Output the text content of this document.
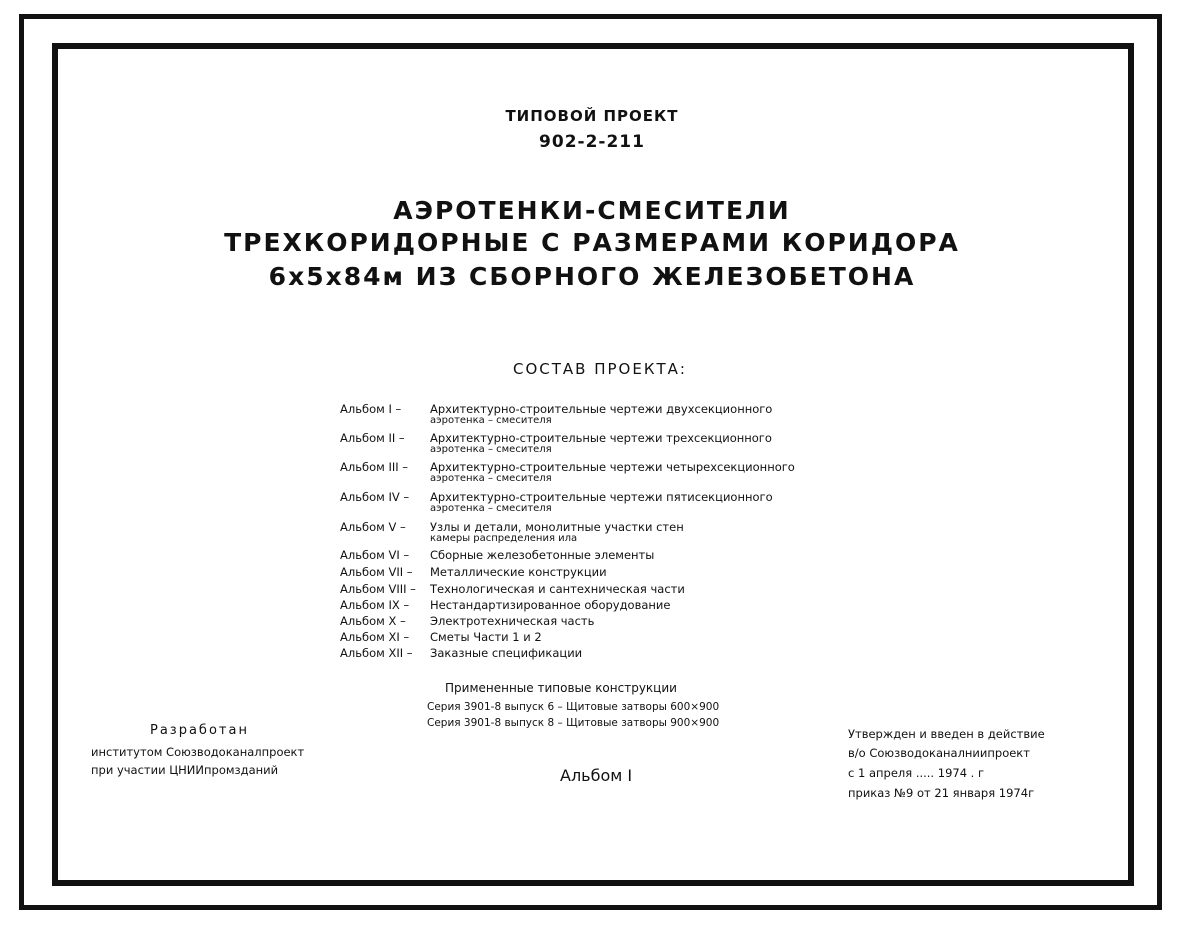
ТИПОВОЙ ПРОЕКТ
902-2-211
АЭРОТЕНКИ-СМЕСИТЕЛИ
ТРЕХКОРИДОРНЫЕ С РАЗМЕРАМИ КОРИДОРА
6х5х84м ИЗ СБОРНОГО ЖЕЛЕЗОБЕТОНА
СОСТАВ ПРОЕКТА:
Альбом I – Архитектурно-строительные чертежи двухсекционного
аэротенка – смесителя
Альбом II – Архитектурно-строительные чертежи трехсекционного
аэротенка – смесителя
Альбом III – Архитектурно-строительные чертежи четырехсекционного
аэротенка – смесителя
Альбом IV – Архитектурно-строительные чертежи пятисекционного
аэротенка – смесителя
Альбом V – Узлы и детали, монолитные участки стен
камеры распределения ила
Альбом VI – Сборные железобетонные элементы
Альбом VII – Металлические конструкции
Альбом VIII – Технологическая и сантехническая части
Альбом IX – Нестандартизированное оборудование
Альбом X – Электротехническая часть
Альбом XI – Сметы Части 1 и 2
Альбом XII – Заказные спецификации
Примененные типовые конструкции
Серия 3901-8 выпуск 6 – Щитовые затворы 600×900
Серия 3901-8 выпуск 8 – Щитовые затворы 900×900
Разработан
институтом Союзводоканалпроект
при участии ЦНИИпромзданий	Альбом I
Утвержден и введен в действие
в/о Союзводоканалниипроект
с 1 апреля ..... 1974 . г
приказ №9 от 21 января 1974г
